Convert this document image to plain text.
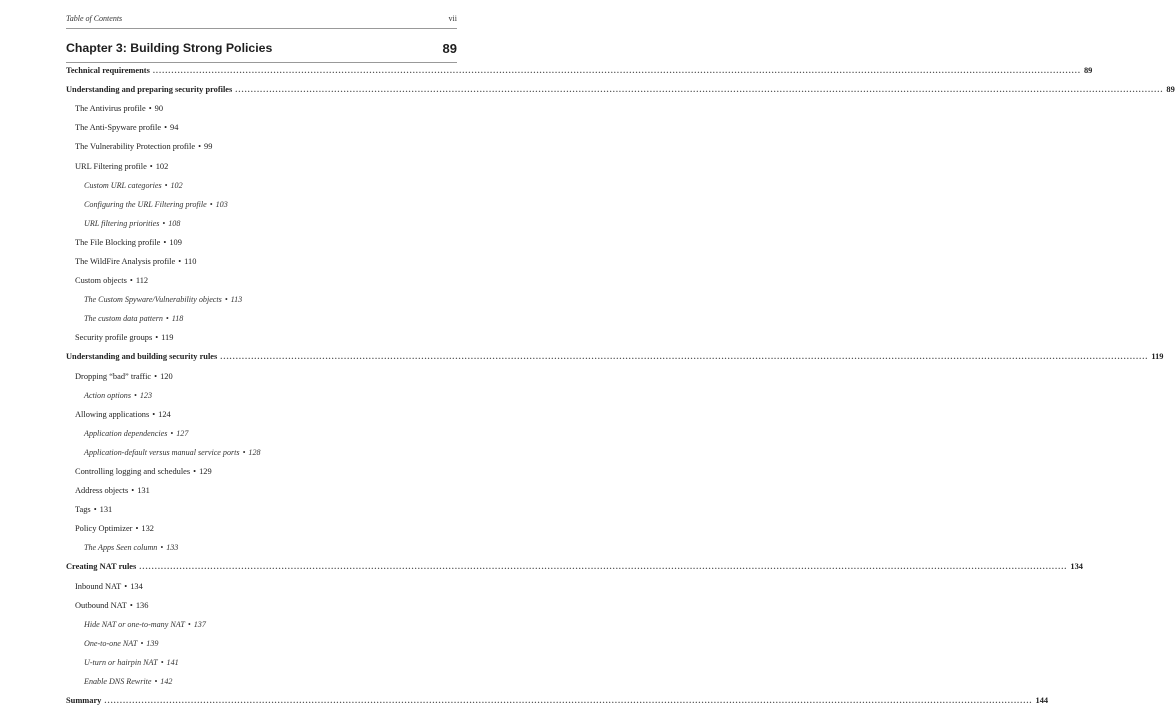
Table of Contents	vii
Chapter 3: Building Strong Policies	89
Technical requirements ............................................................................................................................................................................................................................................................................................................ 89
Understanding and preparing security profiles ............................................................................................................................................................................................................................................................................................................ 89
The Antivirus profile • 90
The Anti-Spyware profile • 94
The Vulnerability Protection profile • 99
URL Filtering profile • 102
Custom URL categories • 102
Configuring the URL Filtering profile • 103
URL filtering priorities • 108
The File Blocking profile • 109
The WildFire Analysis profile • 110
Custom objects • 112
The Custom Spyware/Vulnerability objects • 113
The custom data pattern • 118
Security profile groups • 119
Understanding and building security rules ............................................................................................................................................................................................................................................................................................................ 119
Dropping “bad” traffic • 120
Action options • 123
Allowing applications • 124
Application dependencies • 127
Application-default versus manual service ports • 128
Controlling logging and schedules • 129
Address objects • 131
Tags • 131
Policy Optimizer • 132
The Apps Seen column • 133
Creating NAT rules ............................................................................................................................................................................................................................................................................................................ 134
Inbound NAT • 134
Outbound NAT • 136
Hide NAT or one-to-many NAT • 137
One-to-one NAT • 139
U-turn or hairpin NAT • 141
Enable DNS Rewrite • 142
Summary ............................................................................................................................................................................................................................................................................................................ 144
